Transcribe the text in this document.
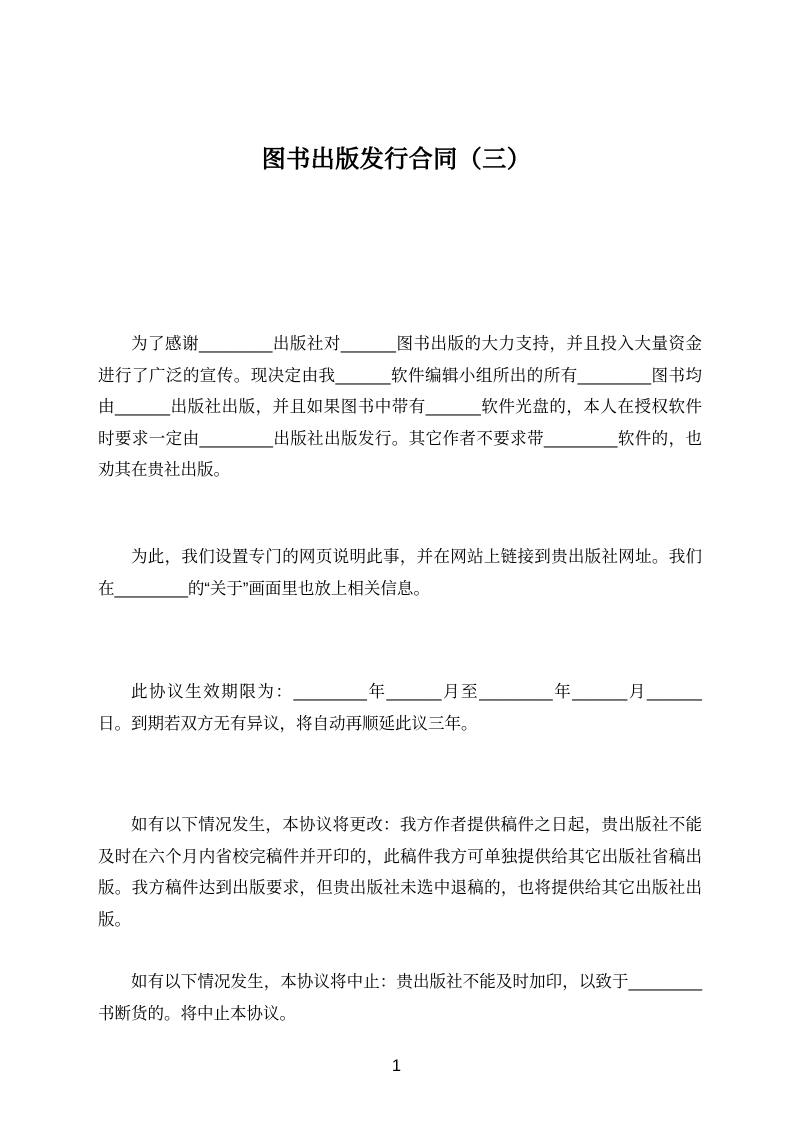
图书出版发行合同（三）

为了感谢________出版社对______图书出版的大力支持，并且投入大量资金进行了广泛的宣传。现决定由我______软件编辑小组所出的所有________图书均由______出版社出版，并且如果图书中带有______软件光盘的，本人在授权软件时要求一定由________出版社出版发行。其它作者不要求带________软件的，也劝其在贵社出版。

为此，我们设置专门的网页说明此事，并在网站上链接到贵出版社网址。我们在________的“关于”画面里也放上相关信息。

此协议生效期限为：________年______月至________年______月______日。到期若双方无有异议，将自动再顺延此议三年。

如有以下情况发生，本协议将更改：我方作者提供稿件之日起，贵出版社不能及时在六个月内省校完稿件并开印的，此稿件我方可单独提供给其它出版社省稿出版。我方稿件达到出版要求，但贵出版社未选中退稿的，也将提供给其它出版社出版。

如有以下情况发生，本协议将中止：贵出版社不能及时加印，以致于________书断货的。将中止本协议。

1
